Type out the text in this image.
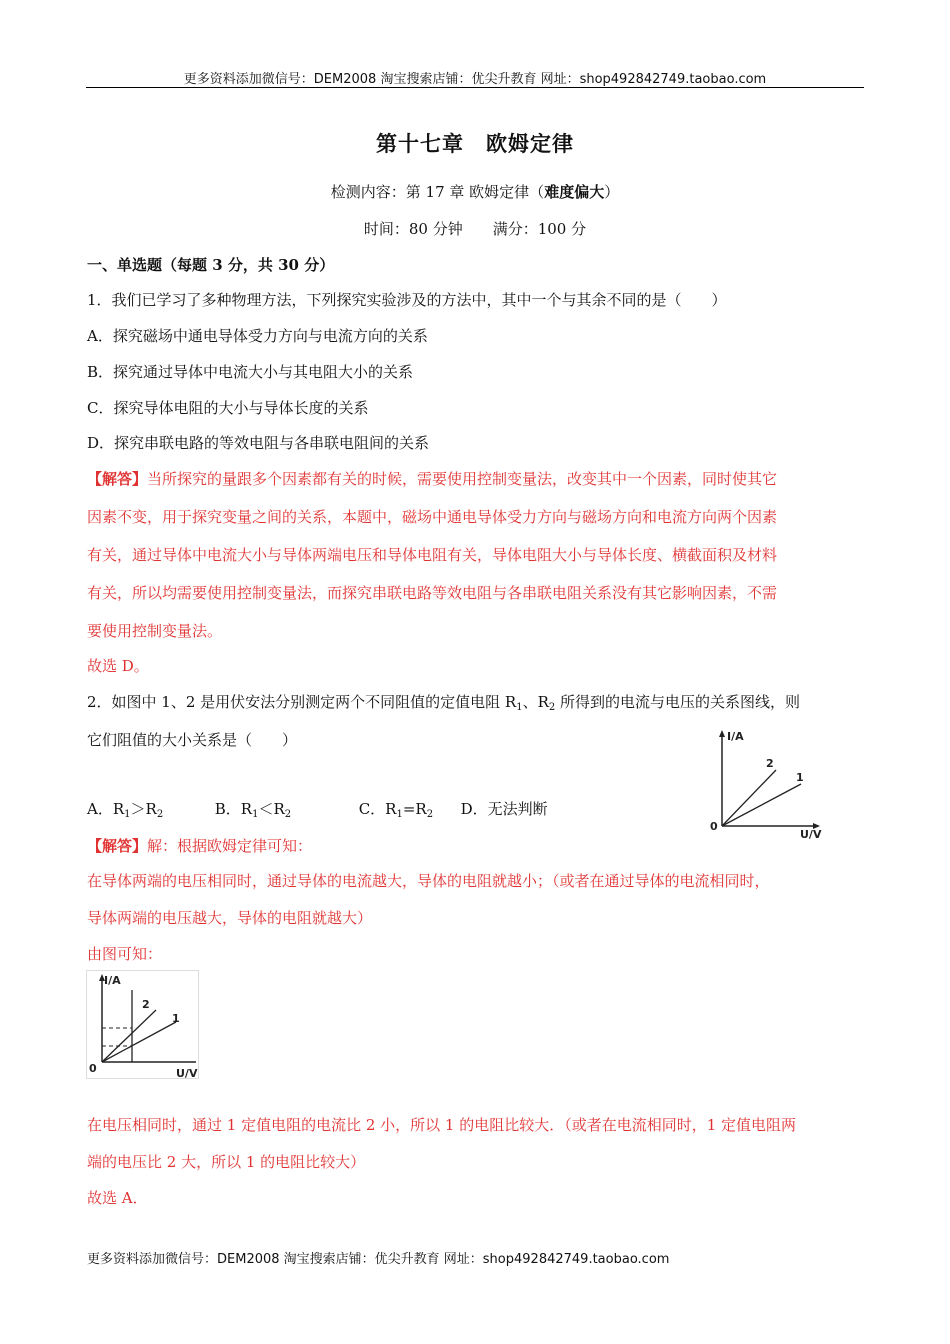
更多资料添加微信号：DEM2008 淘宝搜索店铺：优尖升教育 网址：shop492842749.taobao.com
第十七章　欧姆定律
检测内容：第 17 章 欧姆定律（难度偏大）
时间：80 分钟　　满分：100 分
一、单选题（每题 3 分，共 30 分）
1．我们已学习了多种物理方法，下列探究实验涉及的方法中，其中一个与其余不同的是（　　）
A．探究磁场中通电导体受力方向与电流方向的关系
B．探究通过导体中电流大小与其电阻大小的关系
C．探究导体电阻的大小与导体长度的关系
D．探究串联电路的等效电阻与各串联电阻间的关系
【解答】当所探究的量跟多个因素都有关的时候，需要使用控制变量法，改变其中一个因素，同时使其它
因素不变，用于探究变量之间的关系，本题中，磁场中通电导体受力方向与磁场方向和电流方向两个因素
有关，通过导体中电流大小与导体两端电压和导体电阻有关，导体电阻大小与导体长度、横截面积及材料
有关，所以均需要使用控制变量法，而探究串联电路等效电阻与各串联电阻关系没有其它影响因素，不需
要使用控制变量法。
故选 D。
2．如图中 1、2 是用伏安法分别测定两个不同阻值的定值电阻 $R_1$、$R_2$ 所得到的电流与电压的关系图线，则
它们阻值的大小关系是（　　）
A．$R_1>R_2$	B．$R_1<R_2$	C．$R_1=R_2$ D．无法判断
I/A
U/V
0
2
1
【解答】解：根据欧姆定律可知：
在导体两端的电压相同时，通过导体的电流越大，导体的电阻就越小；（或者在通过导体的电流相同时，
导体两端的电压越大，导体的电阻就越大）
由图可知：
I/A
U/V
0
2
1
在电压相同时，通过 1 定值电阻的电流比 2 小，所以 1 的电阻比较大．（或者在电流相同时，1 定值电阻两
端的电压比 2 大，所以 1 的电阻比较大）
故选 A．
更多资料添加微信号：DEM2008 淘宝搜索店铺：优尖升教育 网址：shop492842749.taobao.com
